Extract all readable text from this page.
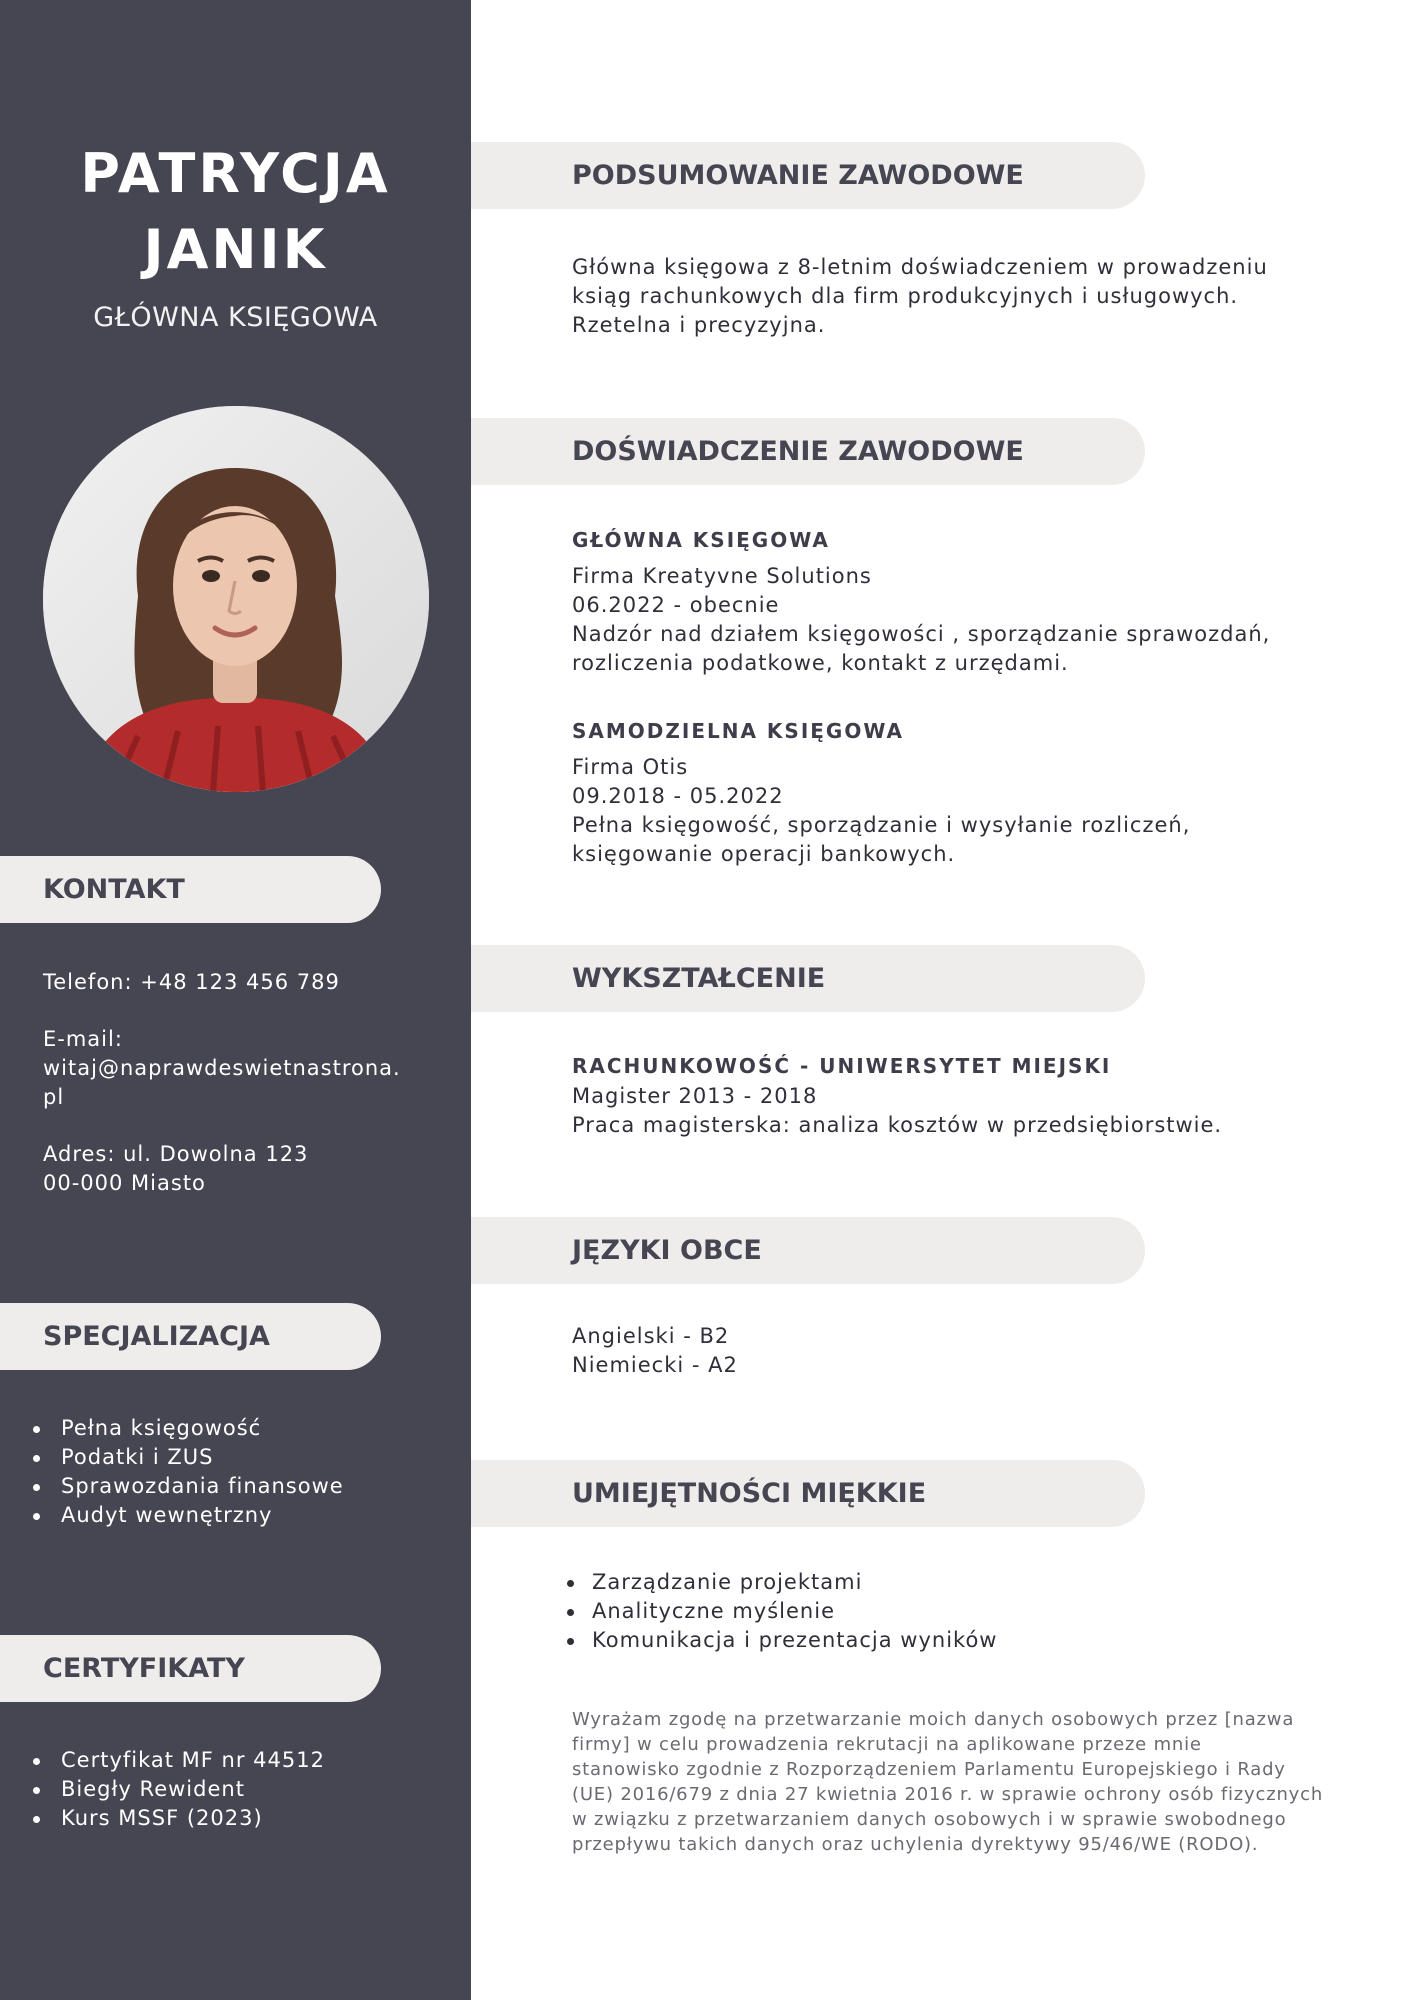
PATRYCJA
JANIK
GŁÓWNA KSIĘGOWA
KONTAKT
Telefon: +48 123 456 789
E-mail:
witaj@naprawdeswietnastrona.
pl
Adres: ul. Dowolna 123
00-000 Miasto
SPECJALIZACJA
Pełna księgowość
Podatki i ZUS
Sprawozdania finansowe
Audyt wewnętrzny
CERTYFIKATY
Certyfikat MF nr 44512
Biegły Rewident
Kurs MSSF (2023)
PODSUMOWANIE ZAWODOWE
Główna księgowa z 8-letnim doświadczeniem w prowadzeniu
ksiąg rachunkowych dla firm produkcyjnych i usługowych.
Rzetelna i precyzyjna.
DOŚWIADCZENIE ZAWODOWE
GŁÓWNA KSIĘGOWA
Firma Kreatyvne Solutions
06.2022 - obecnie
Nadzór nad działem księgowości , sporządzanie sprawozdań,
rozliczenia podatkowe, kontakt z urzędami.
SAMODZIELNA KSIĘGOWA
Firma Otis
09.2018 - 05.2022
Pełna księgowość, sporządzanie i wysyłanie rozliczeń,
księgowanie operacji bankowych.
WYKSZTAŁCENIE
RACHUNKOWOŚĆ - UNIWERSYTET MIEJSKI
Magister 2013 - 2018
Praca magisterska: analiza kosztów w przedsiębiorstwie.
JĘZYKI OBCE
Angielski - B2
Niemiecki - A2
UMIEJĘTNOŚCI MIĘKKIE
Zarządzanie projektami
Analityczne myślenie
Komunikacja i prezentacja wyników
Wyrażam zgodę na przetwarzanie moich danych osobowych przez [nazwa
firmy] w celu prowadzenia rekrutacji na aplikowane przeze mnie
stanowisko zgodnie z Rozporządzeniem Parlamentu Europejskiego i Rady
(UE) 2016/679 z dnia 27 kwietnia 2016 r. w sprawie ochrony osób fizycznych
w związku z przetwarzaniem danych osobowych i w sprawie swobodnego
przepływu takich danych oraz uchylenia dyrektywy 95/46/WE (RODO).
